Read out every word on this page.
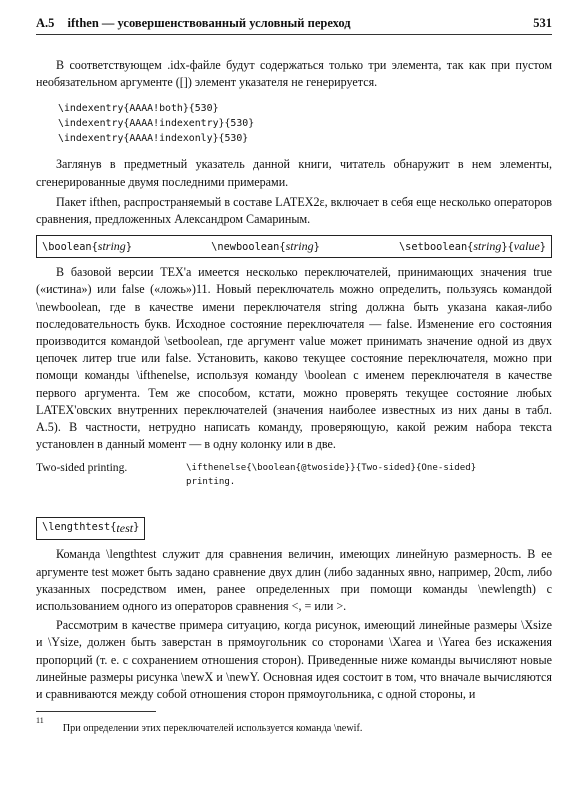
A.5 ifthen — усовершенствованный условный переход	531

В соответствующем .idx-файле будут содержаться только три элемента, так как при пустом необязательном аргументе ([]) элемент указателя не генерируется.

\indexentry{AAAA!both}{530}
\indexentry{AAAA!indexentry}{530}
\indexentry{AAAA!indexonly}{530}

Заглянув в предметный указатель данной книги, читатель обнаружит в нем элементы, сгенерированные двумя последними примерами.

Пакет ifthen, распространяемый в составе LATEX2ε, включает в себя еще несколько операторов сравнения, предложенных Александром Самариным.

\boolean{string}	\newboolean{string}	\setboolean{string}{value}

В базовой версии TEX'а имеется несколько переключателей, принимающих значения true («истина») или false («ложь»)11. Новый переключатель можно определить, пользуясь командой \newboolean, где в качестве имени переключателя string должна быть указана какая-либо последовательность букв. Исходное состояние переключателя — false. Изменение его состояния производится командой \setboolean, где аргумент value может принимать значение одной из двух цепочек литер true или false. Установить, каково текущее состояние переключателя, можно при помощи команды \ifthenelse, используя команду \boolean с именем переключателя в качестве первого аргумента. Тем же способом, кстати, можно проверять текущее состояние любых LATEX'овских внутренних переключателей (значения наиболее известных из них даны в табл. A.5). В частности, нетрудно написать команду, проверяющую, какой режим набора текста установлен в данный момент — в одну колонку или в две.

Two-sided printing.	\ifthenelse{\boolean{@twoside}}{Two-sided}{One-sided}
printing.
\lengthtest{ test }

Команда \lengthtest служит для сравнения величин, имеющих линейную размерность. В ее аргументе test может быть задано сравнение двух длин (либо заданных явно, например, 20cm, либо указанных посредством имен, ранее определенных при помощи команды \newlength) с использованием одного из операторов сравнения <, = или >.

Рассмотрим в качестве примера ситуацию, когда рисунок, имеющий линейные размеры \Xsize и \Ysize, должен быть заверстан в прямоугольник со сторонами \Xarea и \Yarea без искажения пропорций (т. е. с сохранением отношения сторон). Приведенные ниже команды вычисляют новые линейные размеры рисунка \newX и \newY. Основная идея состоит в том, что вначале вычисляются и сравниваются между собой отношения сторон прямоугольника, с одной стороны, и

$^{11}$ При определении этих переключателей используется команда \newif.
